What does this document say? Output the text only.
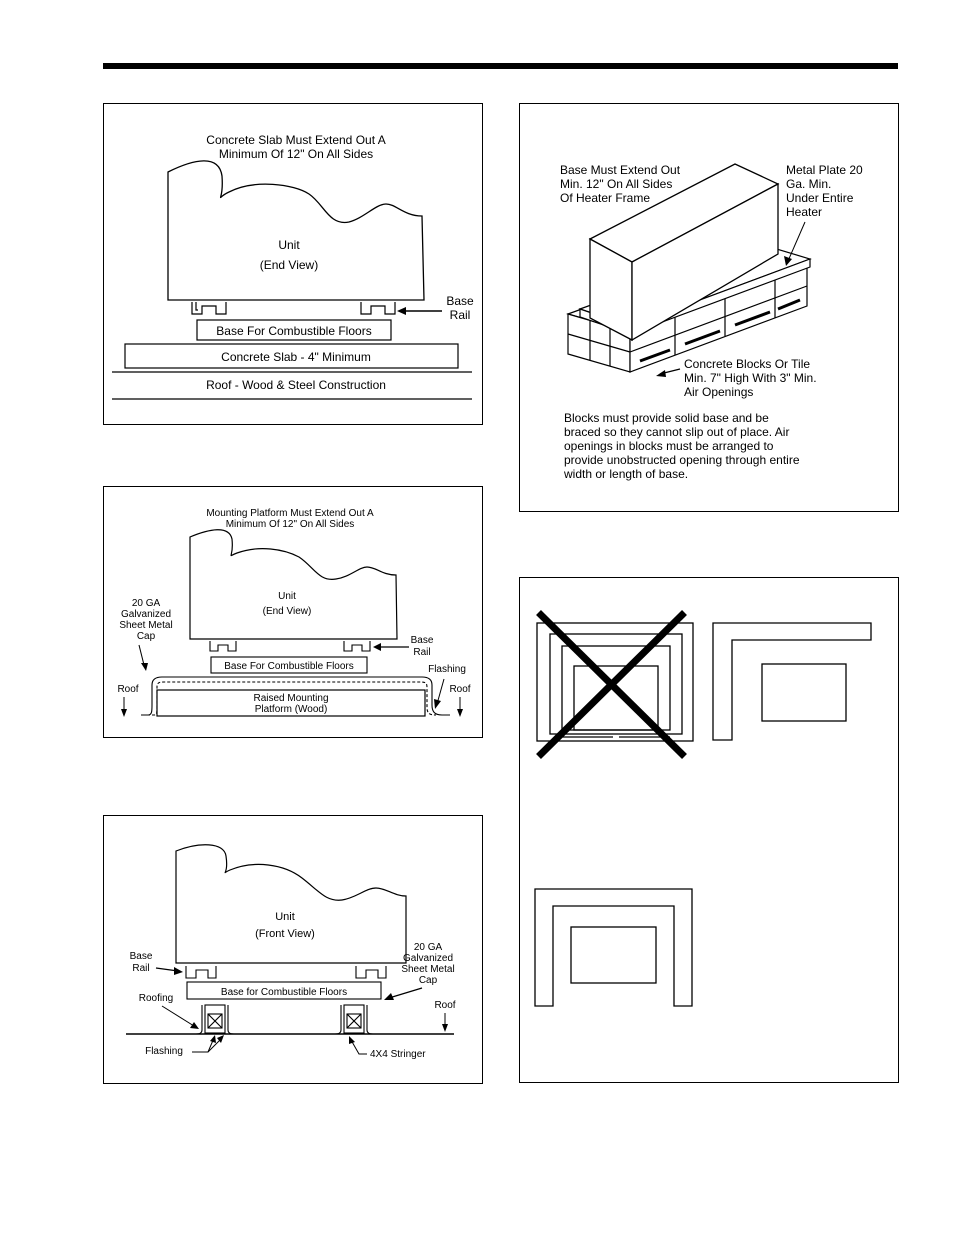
Concrete Slab Must Extend Out A
Minimum Of 12" On All Sides
Unit
(End View)
Base
Rail
Base For Combustible Floors
Concrete Slab - 4" Minimum
Roof - Wood & Steel Construction
Base Must Extend Out
Min. 12" On All Sides
Of Heater Frame
Metal Plate 20
Ga. Min.
Under Entire
Heater
Concrete Blocks Or Tile
Min. 7" High With 3" Min.
Air Openings
Blocks must provide solid base and be
braced so they cannot slip out of place. Air
openings in blocks must be arranged to
provide unobstructed opening through entire
width or length of base.
Mounting Platform Must Extend Out A
Minimum Of 12" On All Sides
Unit
(End View)
Base
Rail
Base For Combustible Floors
20 GA
Galvanized
Sheet Metal
Cap
Flashing
Raised Mounting
Platform (Wood)
Roof	Roof
Unit
(Front View)
Base
Rail
20 GA
Galvanized
Sheet Metal
Cap
Base for Combustible Floors
Roofing
Roof
Flashing	4X4 Stringer
